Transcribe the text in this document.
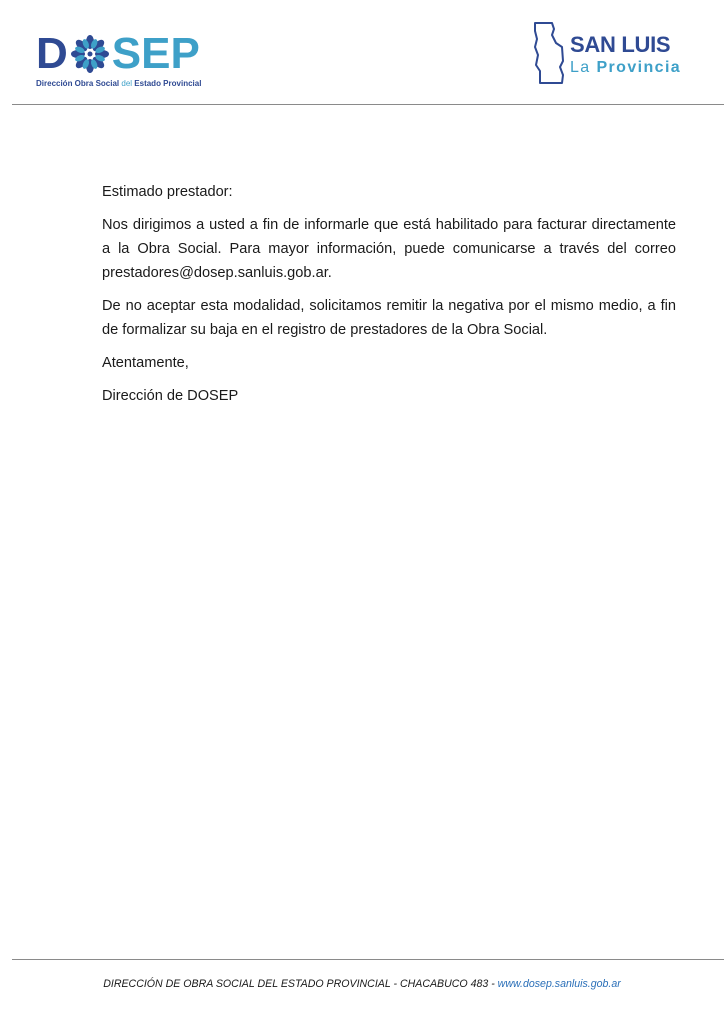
D SEP
Dirección Obra Social del Estado Provincial
SAN LUIS
La Provincia

Estimado prestador:

Nos dirigimos a usted a fin de informarle que está habilitado para facturar directamente a la Obra Social. Para mayor información, puede comunicarse a través del correo prestadores@dosep.sanluis.gob.ar.

De no aceptar esta modalidad, solicitamos remitir la negativa por el mismo medio, a fin de formalizar su baja en el registro de prestadores de la Obra Social.

Atentamente,

Dirección de DOSEP

DIRECCIÓN DE OBRA SOCIAL DEL ESTADO PROVINCIAL - CHACABUCO 483 - www.dosep.sanluis.gob.ar
